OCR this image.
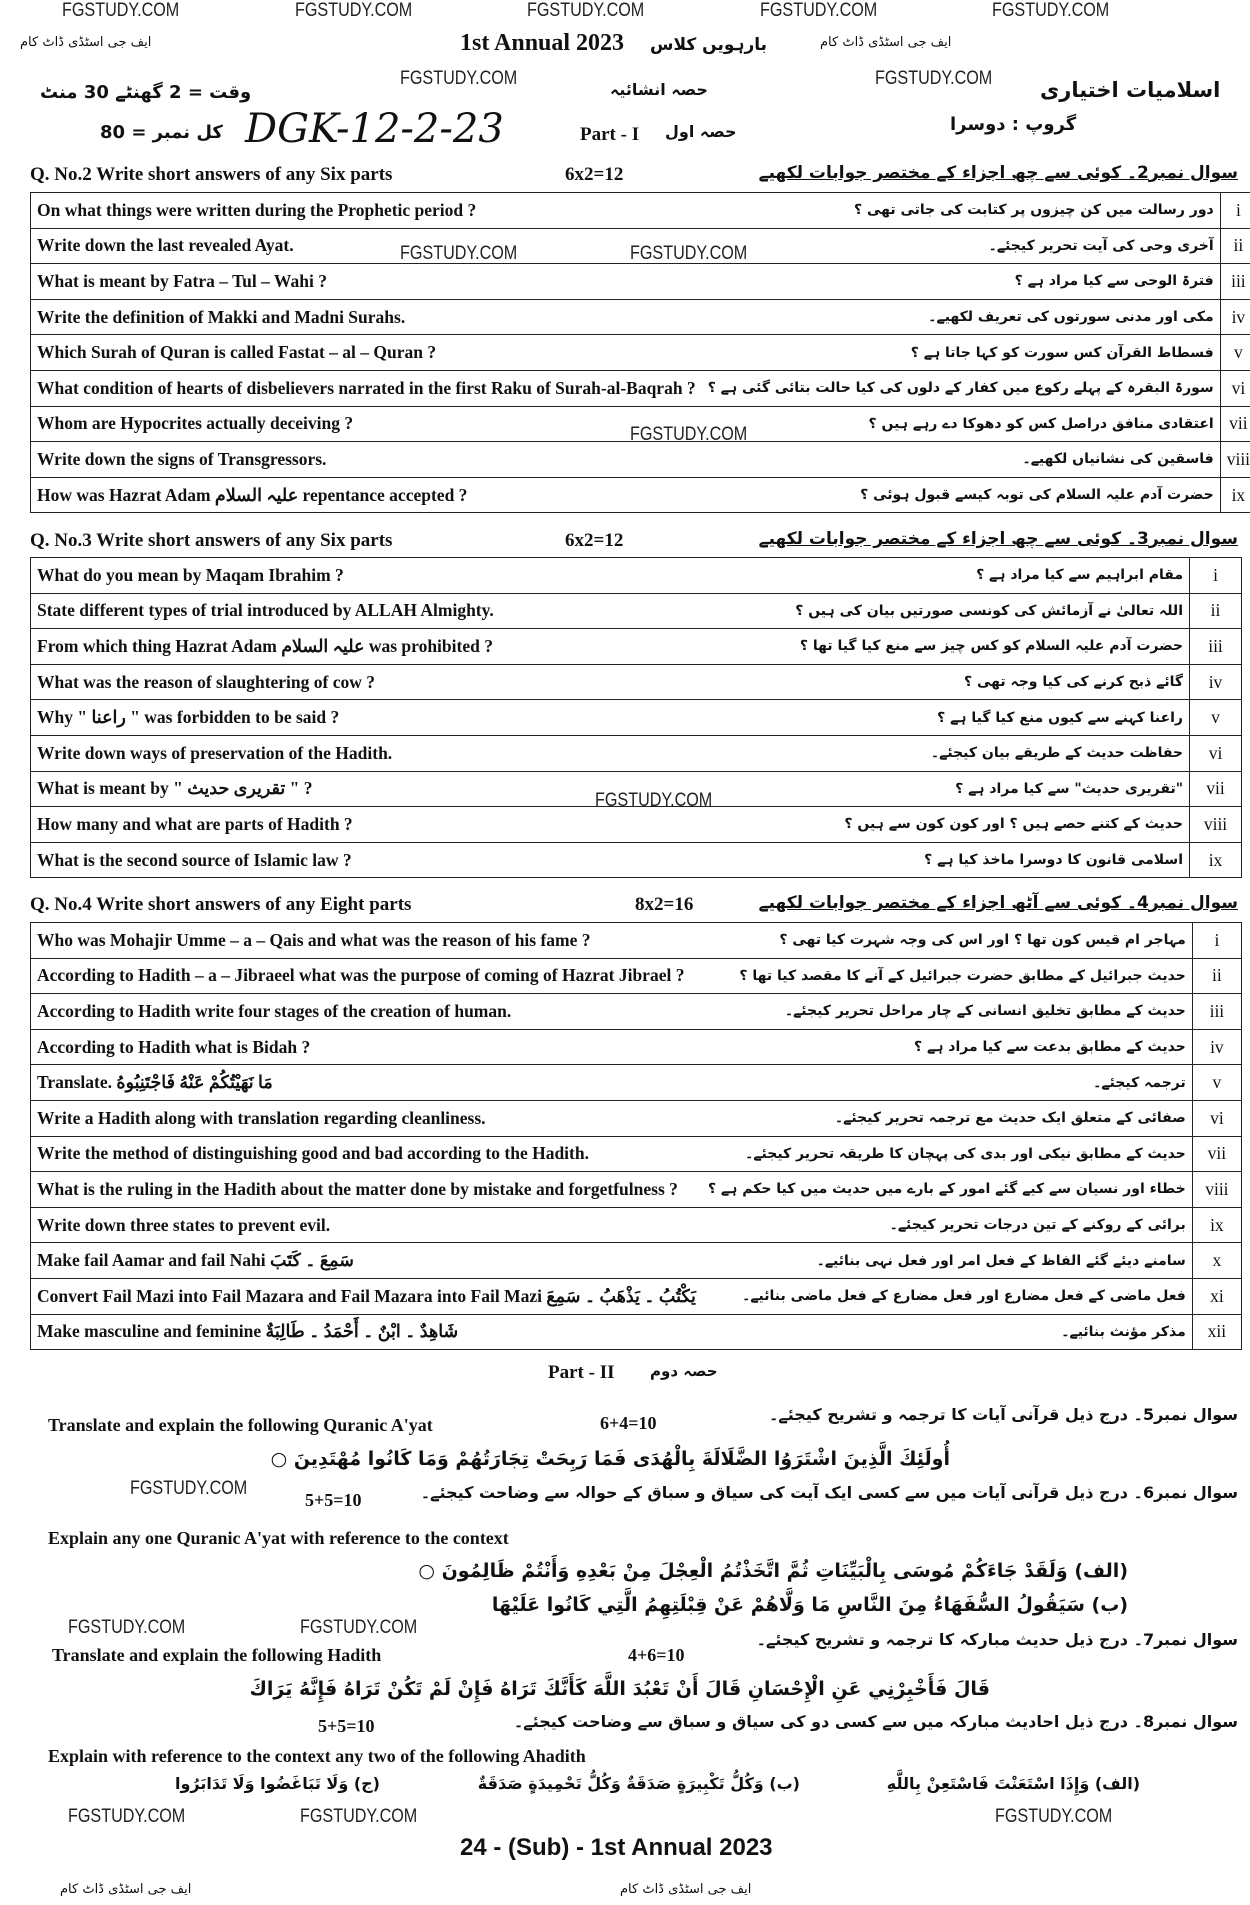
FGSTUDY.COM	FGSTUDY.COM	FGSTUDY.COM	FGSTUDY.COM	FGSTUDY.COM
FGSTUDY.COM	FGSTUDY.COM
FGSTUDY.COM	FGSTUDY.COM
FGSTUDY.COM
FGSTUDY.COM
FGSTUDY.COM	FGSTUDY.COM
FGSTUDY.COM
FGSTUDY.COM
FGSTUDY.COM	FGSTUDY.COM
ایف جی اسٹڈی ڈاٹ کام	ایف جی اسٹڈی ڈاٹ کام
1st Annual 2023 بارہویں کلاس
وقت = 2 گھنٹے 30 منٹ	حصہ انشائیہ	اسلامیات اختیاری
کل نمبر = 80 DGK-12-2-23	Part - I حصہ اول	گروپ : دوسرا
Q. No.2 Write short answers of any Six parts	6x2=12	سوال نمبر2۔ کوئی سے چھ اجزاء کے مختصر جوابات لکھیے
On what things were written during the Prophetic period ?	دور رسالت میں کن چیزوں پر کتابت کی جاتی تھی ؟	i
Write down the last revealed Ayat.	آخری وحی کی آیت تحریر کیجئے۔	ii
What is meant by Fatra – Tul – Wahi ?	فترۃ الوحی سے کیا مراد ہے ؟	iii
Write the definition of Makki and Madni Surahs.	مکی اور مدنی سورتوں کی تعریف لکھیے۔	iv
Which Surah of Quran is called Fastat – al – Quran ?	فسطاط القرآن کس سورت کو کہا جاتا ہے ؟	v
What condition of hearts of disbelievers narrated in the first Raku of Surah-al-Baqrah ?	سورۃ البقرہ کے پہلے رکوع میں کفار کے دلوں کی کیا حالت بتائی گئی ہے ؟	vi
Whom are Hypocrites actually deceiving ?	اعتقادی منافق دراصل کس کو دھوکا دے رہے ہیں ؟	vii
Write down the signs of Transgressors.	فاسقین کی نشانیاں لکھیے۔	viii
How was Hazrat Adam علیہ السلام repentance accepted ?	حضرت آدم علیہ السلام کی توبہ کیسے قبول ہوئی ؟	ix
Q. No.3 Write short answers of any Six parts	6x2=12	سوال نمبر3۔ کوئی سے چھ اجزاء کے مختصر جوابات لکھیے
What do you mean by Maqam Ibrahim ?	مقام ابراہیم سے کیا مراد ہے ؟	i
State different types of trial introduced by ALLAH Almighty.	اللہ تعالیٰ نے آزمائش کی کونسی صورتیں بیان کی ہیں ؟	ii
From which thing Hazrat Adam علیہ السلام was prohibited ?	حضرت آدم علیہ السلام کو کس چیز سے منع کیا گیا تھا ؟	iii
What was the reason of slaughtering of cow ?	گائے ذبح کرنے کی کیا وجہ تھی ؟	iv
Why " راعنا " was forbidden to be said ?	راعنا کہنے سے کیوں منع کیا گیا ہے ؟	v
Write down ways of preservation of the Hadith.	حفاظت حدیث کے طریقے بیان کیجئے۔	vi
What is meant by " تقریری حدیث " ?	"تقریری حدیث" سے کیا مراد ہے ؟	vii
How many and what are parts of Hadith ?	حدیث کے کتنے حصے ہیں ؟ اور کون کون سے ہیں ؟	viii
What is the second source of Islamic law ?	اسلامی قانون کا دوسرا ماخذ کیا ہے ؟	ix
Q. No.4 Write short answers of any Eight parts	8x2=16	سوال نمبر4۔ کوئی سے آٹھ اجزاء کے مختصر جوابات لکھیے
Who was Mohajir Umme – a – Qais and what was the reason of his fame ?	مہاجر ام قیس کون تھا ؟ اور اس کی وجہ شہرت کیا تھی ؟	i
According to Hadith – a – Jibraeel what was the purpose of coming of Hazrat Jibrael ?	حدیث جبرائیل کے مطابق حضرت جبرائیل کے آنے کا مقصد کیا تھا ؟	ii
According to Hadith write four stages of the creation of human.	حدیث کے مطابق تخلیق انسانی کے چار مراحل تحریر کیجئے۔	iii
According to Hadith what is Bidah ?	حدیث کے مطابق بدعت سے کیا مراد ہے ؟	iv
Translate. مَا نَهَيْتُكُمْ عَنْهُ فَاجْتَنِبُوهُ	ترجمہ کیجئے۔	v
Write a Hadith along with translation regarding cleanliness.	صفائی کے متعلق ایک حدیث مع ترجمہ تحریر کیجئے۔	vi
Write the method of distinguishing good and bad according to the Hadith.	حدیث کے مطابق نیکی اور بدی کی پہچان کا طریقہ تحریر کیجئے۔	vii
What is the ruling in the Hadith about the matter done by mistake and forgetfulness ?	خطاء اور نسیان سے کیے گئے امور کے بارے میں حدیث میں کیا حکم ہے ؟	viii
Write down three states to prevent evil.	برائی کے روکنے کے تین درجات تحریر کیجئے۔	ix
Make fail Aamar and fail Nahi سَمِعَ ۔ كَتَبَ	سامنے دیئے گئے الفاظ کے فعل امر اور فعل نہی بنائیے۔	x
Convert Fail Mazi into Fail Mazara and Fail Mazara into Fail Mazi يَكْتُبُ ۔ يَذْهَبُ ۔ سَمِعَ	فعل ماضی کے فعل مضارع اور فعل مضارع کے فعل ماضی بنائیے۔	xi
Make masculine and feminine شَاهِدٌ ۔ ابْنٌ ۔ أَحْمَدُ ۔ طَالِبَةٌ	مذکر مؤنث بنائیے۔	xii
Part - II حصہ دوم
سوال نمبر5۔ درج ذیل قرآنی آیات کا ترجمہ و تشریح کیجئے۔
Translate and explain the following Quranic A'yat	6+4=10
أُولَئِكَ الَّذِينَ اشْتَرَوُا الضَّلَالَةَ بِالْهُدَى فَمَا رَبِحَتْ تِجَارَتُهُمْ وَمَا كَانُوا مُهْتَدِينَ ○
سوال نمبر6۔ درج ذیل قرآنی آیات میں سے کسی ایک آیت کی سیاق و سباق کے حوالہ سے وضاحت کیجئے۔
5+5=10
Explain any one Quranic A'yat with reference to the context
(الف) وَلَقَدْ جَاءَكُمْ مُوسَى بِالْبَيِّنَاتِ ثُمَّ اتَّخَذْتُمُ الْعِجْلَ مِنْ بَعْدِهِ وَأَنْتُمْ ظَالِمُونَ ○
(ب) سَيَقُولُ السُّفَهَاءُ مِنَ النَّاسِ مَا وَلَّاهُمْ عَنْ قِبْلَتِهِمُ الَّتِي كَانُوا عَلَيْهَا
سوال نمبر7۔ درج ذیل حدیث مبارکہ کا ترجمہ و تشریح کیجئے۔
Translate and explain the following Hadith	4+6=10
قَالَ فَأَخْبِرْنِي عَنِ الْإِحْسَانِ قَالَ أَنْ تَعْبُدَ اللَّهَ كَأَنَّكَ تَرَاهُ فَإِنْ لَمْ تَكُنْ تَرَاهُ فَإِنَّهُ يَرَاكَ
سوال نمبر8۔ درج ذیل احادیث مبارکہ میں سے کسی دو کی سیاق و سباق سے وضاحت کیجئے۔
5+5=10
Explain with reference to the context any two of the following Ahadith
(الف) وَإِذَا اسْتَعَنْتَ فَاسْتَعِنْ بِاللَّهِ
(ب) وَكُلُّ تَكْبِيرَةٍ صَدَقَةٌ وَكُلُّ تَحْمِيدَةٍ صَدَقَةٌ
(ج) وَلَا تَبَاغَضُوا وَلَا تَدَابَرُوا
24 - (Sub) - 1st Annual 2023
ایف جی اسٹڈی ڈاٹ کام	ایف جی اسٹڈی ڈاٹ کام
